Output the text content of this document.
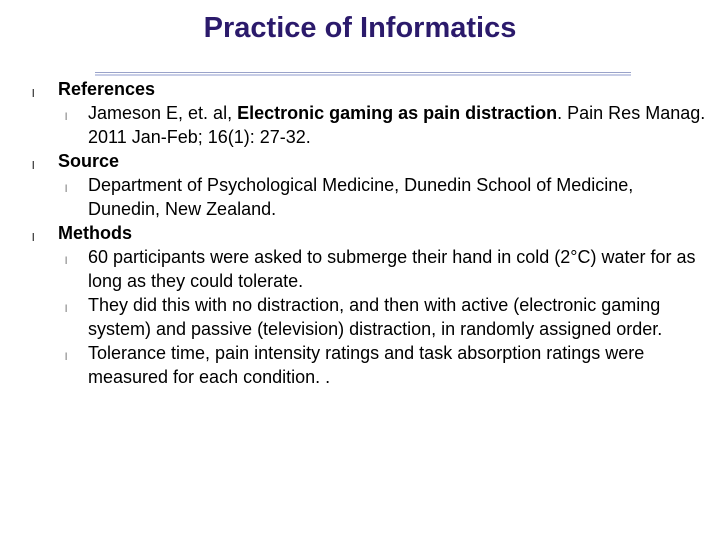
Practice of Informatics
l References
l Jameson E, et. al, Electronic gaming as pain distraction. Pain Res Manag. 2011 Jan-Feb; 16(1): 27-32.
l Source
l Department of Psychological Medicine, Dunedin School of Medicine, Dunedin, New Zealand.
l Methods
l 60 participants were asked to submerge their hand in cold (2°C) water for as long as they could tolerate.
l They did this with no distraction, and then with active (electronic gaming system) and passive (television) distraction, in randomly assigned order.
l Tolerance time, pain intensity ratings and task absorption ratings were measured for each condition. .
